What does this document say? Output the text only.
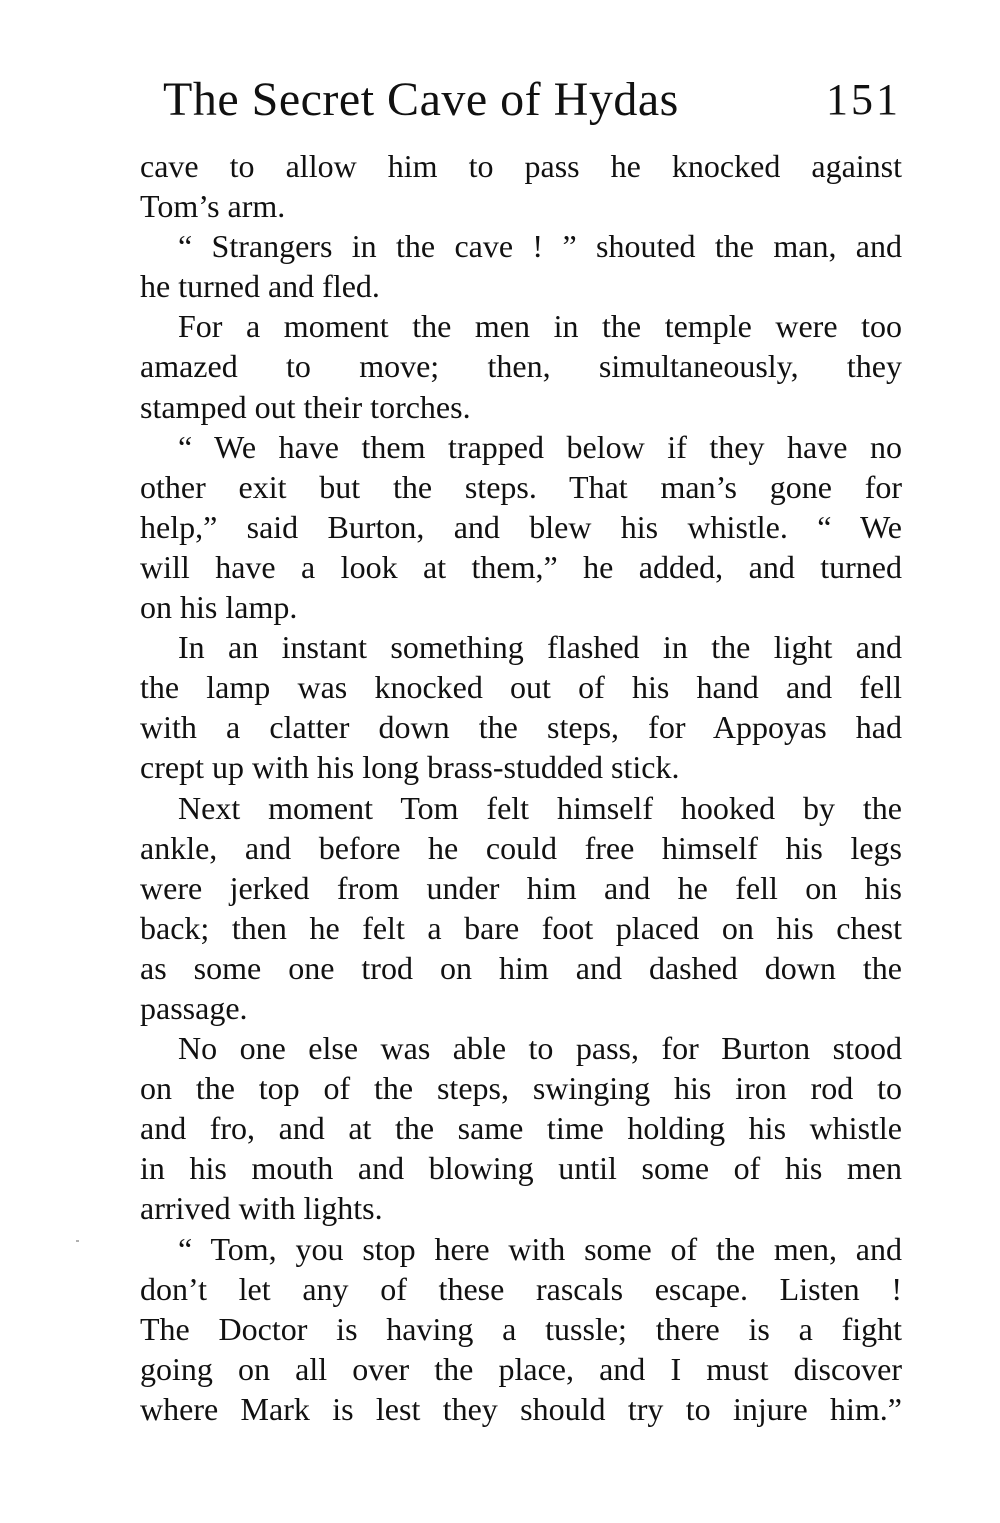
The Secret Cave of Hydas	151
cave to allow him to pass he knocked against
Tom’s arm.
“ Strangers in the cave ! ” shouted the man, and
he turned and fled.
For a moment the men in the temple were too
amazed to move; then, simultaneously, they
stamped out their torches.
“ We have them trapped below if they have no
other exit but the steps. That man’s gone for
help,” said Burton, and blew his whistle. “ We
will have a look at them,” he added, and turned
on his lamp.
In an instant something flashed in the light and
the lamp was knocked out of his hand and fell
with a clatter down the steps, for Appoyas had
crept up with his long brass-studded stick.
Next moment Tom felt himself hooked by the
ankle, and before he could free himself his legs
were jerked from under him and he fell on his
back; then he felt a bare foot placed on his chest
as some one trod on him and dashed down the
passage.
No one else was able to pass, for Burton stood
on the top of the steps, swinging his iron rod to
and fro, and at the same time holding his whistle
in his mouth and blowing until some of his men
arrived with lights.
“ Tom, you stop here with some of the men, and
don’t let any of these rascals escape. Listen !
The Doctor is having a tussle; there is a fight
going on all over the place, and I must discover
where Mark is lest they should try to injure him.”
